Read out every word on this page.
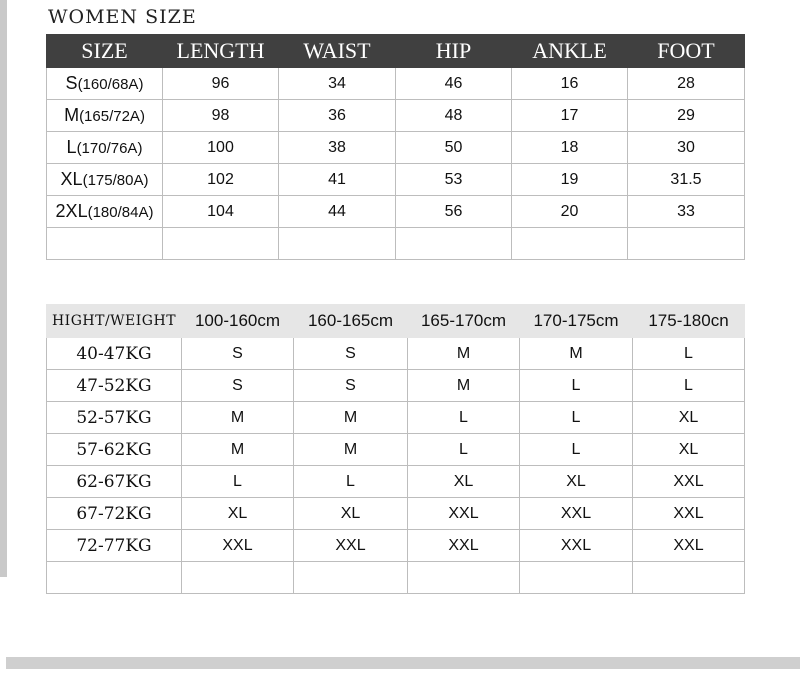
WOMEN SIZE
SIZE	LENGTH	WAIST	HIP	ANKLE	FOOT
S(160/68A)	96	34	46	16	28
M(165/72A)	98	36	48	17	29
L(170/76A)	100	38	50	18	30
XL(175/80A)	102	41	53	19	31.5
2XL(180/84A)	104	44	56	20	33

HIGHT/WEIGHT	100-160cm	160-165cm	165-170cm	170-175cm	175-180cn
40-47KG	S	S	M	M	L
47-52KG	S	S	M	L	L
52-57KG	M	M	L	L	XL
57-62KG	M	M	L	L	XL
62-67KG	L	L	XL	XL	XXL
67-72KG	XL	XL	XXL	XXL	XXL
72-77KG	XXL	XXL	XXL	XXL	XXL
